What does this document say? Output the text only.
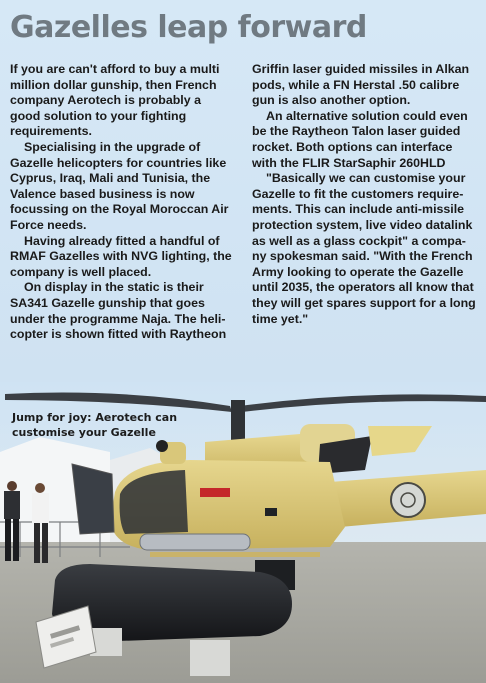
Gazelles leap forward

If you are can't afford to buy a multi million dollar gunship, then French company Aerotech is probably a good solution to your fighting requirements.

Specialising in the upgrade of Gazelle helicopters for countries like Cyprus, Iraq, Mali and Tunisia, the Valence based business is now focussing on the Royal Moroccan Air Force needs.

Having already fitted a handful of RMAF Gazelles with NVG lighting, the company is well placed.

On display in the static is their SA341 Gazelle gunship that goes under the programme Naja. The heli-copter is shown fitted with Raytheon

Griffin laser guided missiles in Alkan pods, while a FN Herstal .50 calibre gun is also another option.

An alternative solution could even be the Raytheon Talon laser guided rocket. Both options can interface with the FLIR StarSaphir 260HLD

"Basically we can customise your Gazelle to fit the customers require-ments. This can include anti-missile protection system, live video datalink as well as a glass cockpit" a compa-ny spokesman said. "With the French Army looking to operate the Gazelle until 2035, the operators all know that they will get spares support for a long time yet."

Jump for joy: Aerotech can customise your Gazelle
